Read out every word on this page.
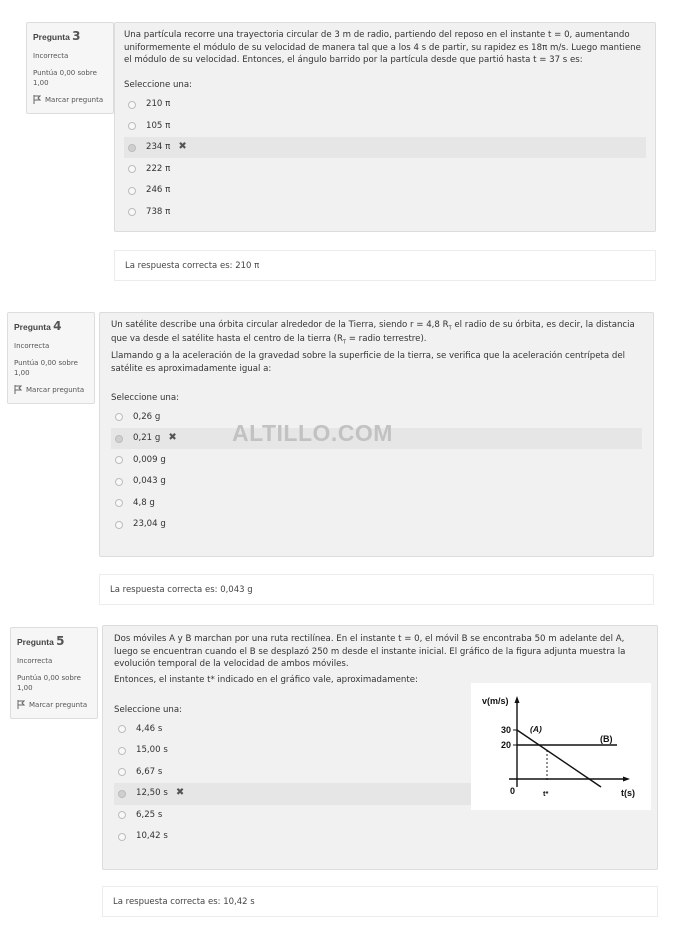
Pregunta 3
Incorrecta
Puntúa 0,00 sobre 1,00
Marcar pregunta

Una partícula recorre una trayectoria circular de 3 m de radio, partiendo del reposo en el instante t = 0, aumentando uniformemente el módulo de su velocidad de manera tal que a los 4 s de partir, su rapidez es 18π m/s. Luego mantiene el módulo de su velocidad. Entonces, el ángulo barrido por la partícula desde que partió hasta t = 37 s es:

Seleccione una:
210 π
105 π
234 π ✖
222 π
246 π
738 π
La respuesta correcta es: 210 π
Pregunta 4
Incorrecta
Puntúa 0,00 sobre 1,00
Marcar pregunta

Un satélite describe una órbita circular alrededor de la Tierra, siendo r = 4,8 $R_T$ el radio de su órbita, es decir, la distancia que va desde el satélite hasta el centro de la tierra ($R_T$ = radio terrestre).

Llamando g a la aceleración de la gravedad sobre la superficie de la tierra, se verifica que la aceleración centrípeta del satélite es aproximadamente igual a:

Seleccione una:
0,26 g
0,21 g ✖
0,009 g
0,043 g
4,8 g
23,04 g
ALTILLO.COM
La respuesta correcta es: 0,043 g
Pregunta 5
Incorrecta
Puntúa 0,00 sobre 1,00
Marcar pregunta

Dos móviles A y B marchan por una ruta rectilínea. En el instante t = 0, el móvil B se encontraba 50 m adelante del A, luego se encuentran cuando el B se desplazó 250 m desde el instante inicial. El gráfico de la figura adjunta muestra la evolución temporal de la velocidad de ambos móviles.

Entonces, el instante t* indicado en el gráfico vale, aproximadamente:

Seleccione una:
4,46 s
15,00 s
6,67 s
12,50 s ✖
6,25 s
10,42 s
v(m/s)
30
20
0	t*	t(s)
(A)
(B)
La respuesta correcta es: 10,42 s
